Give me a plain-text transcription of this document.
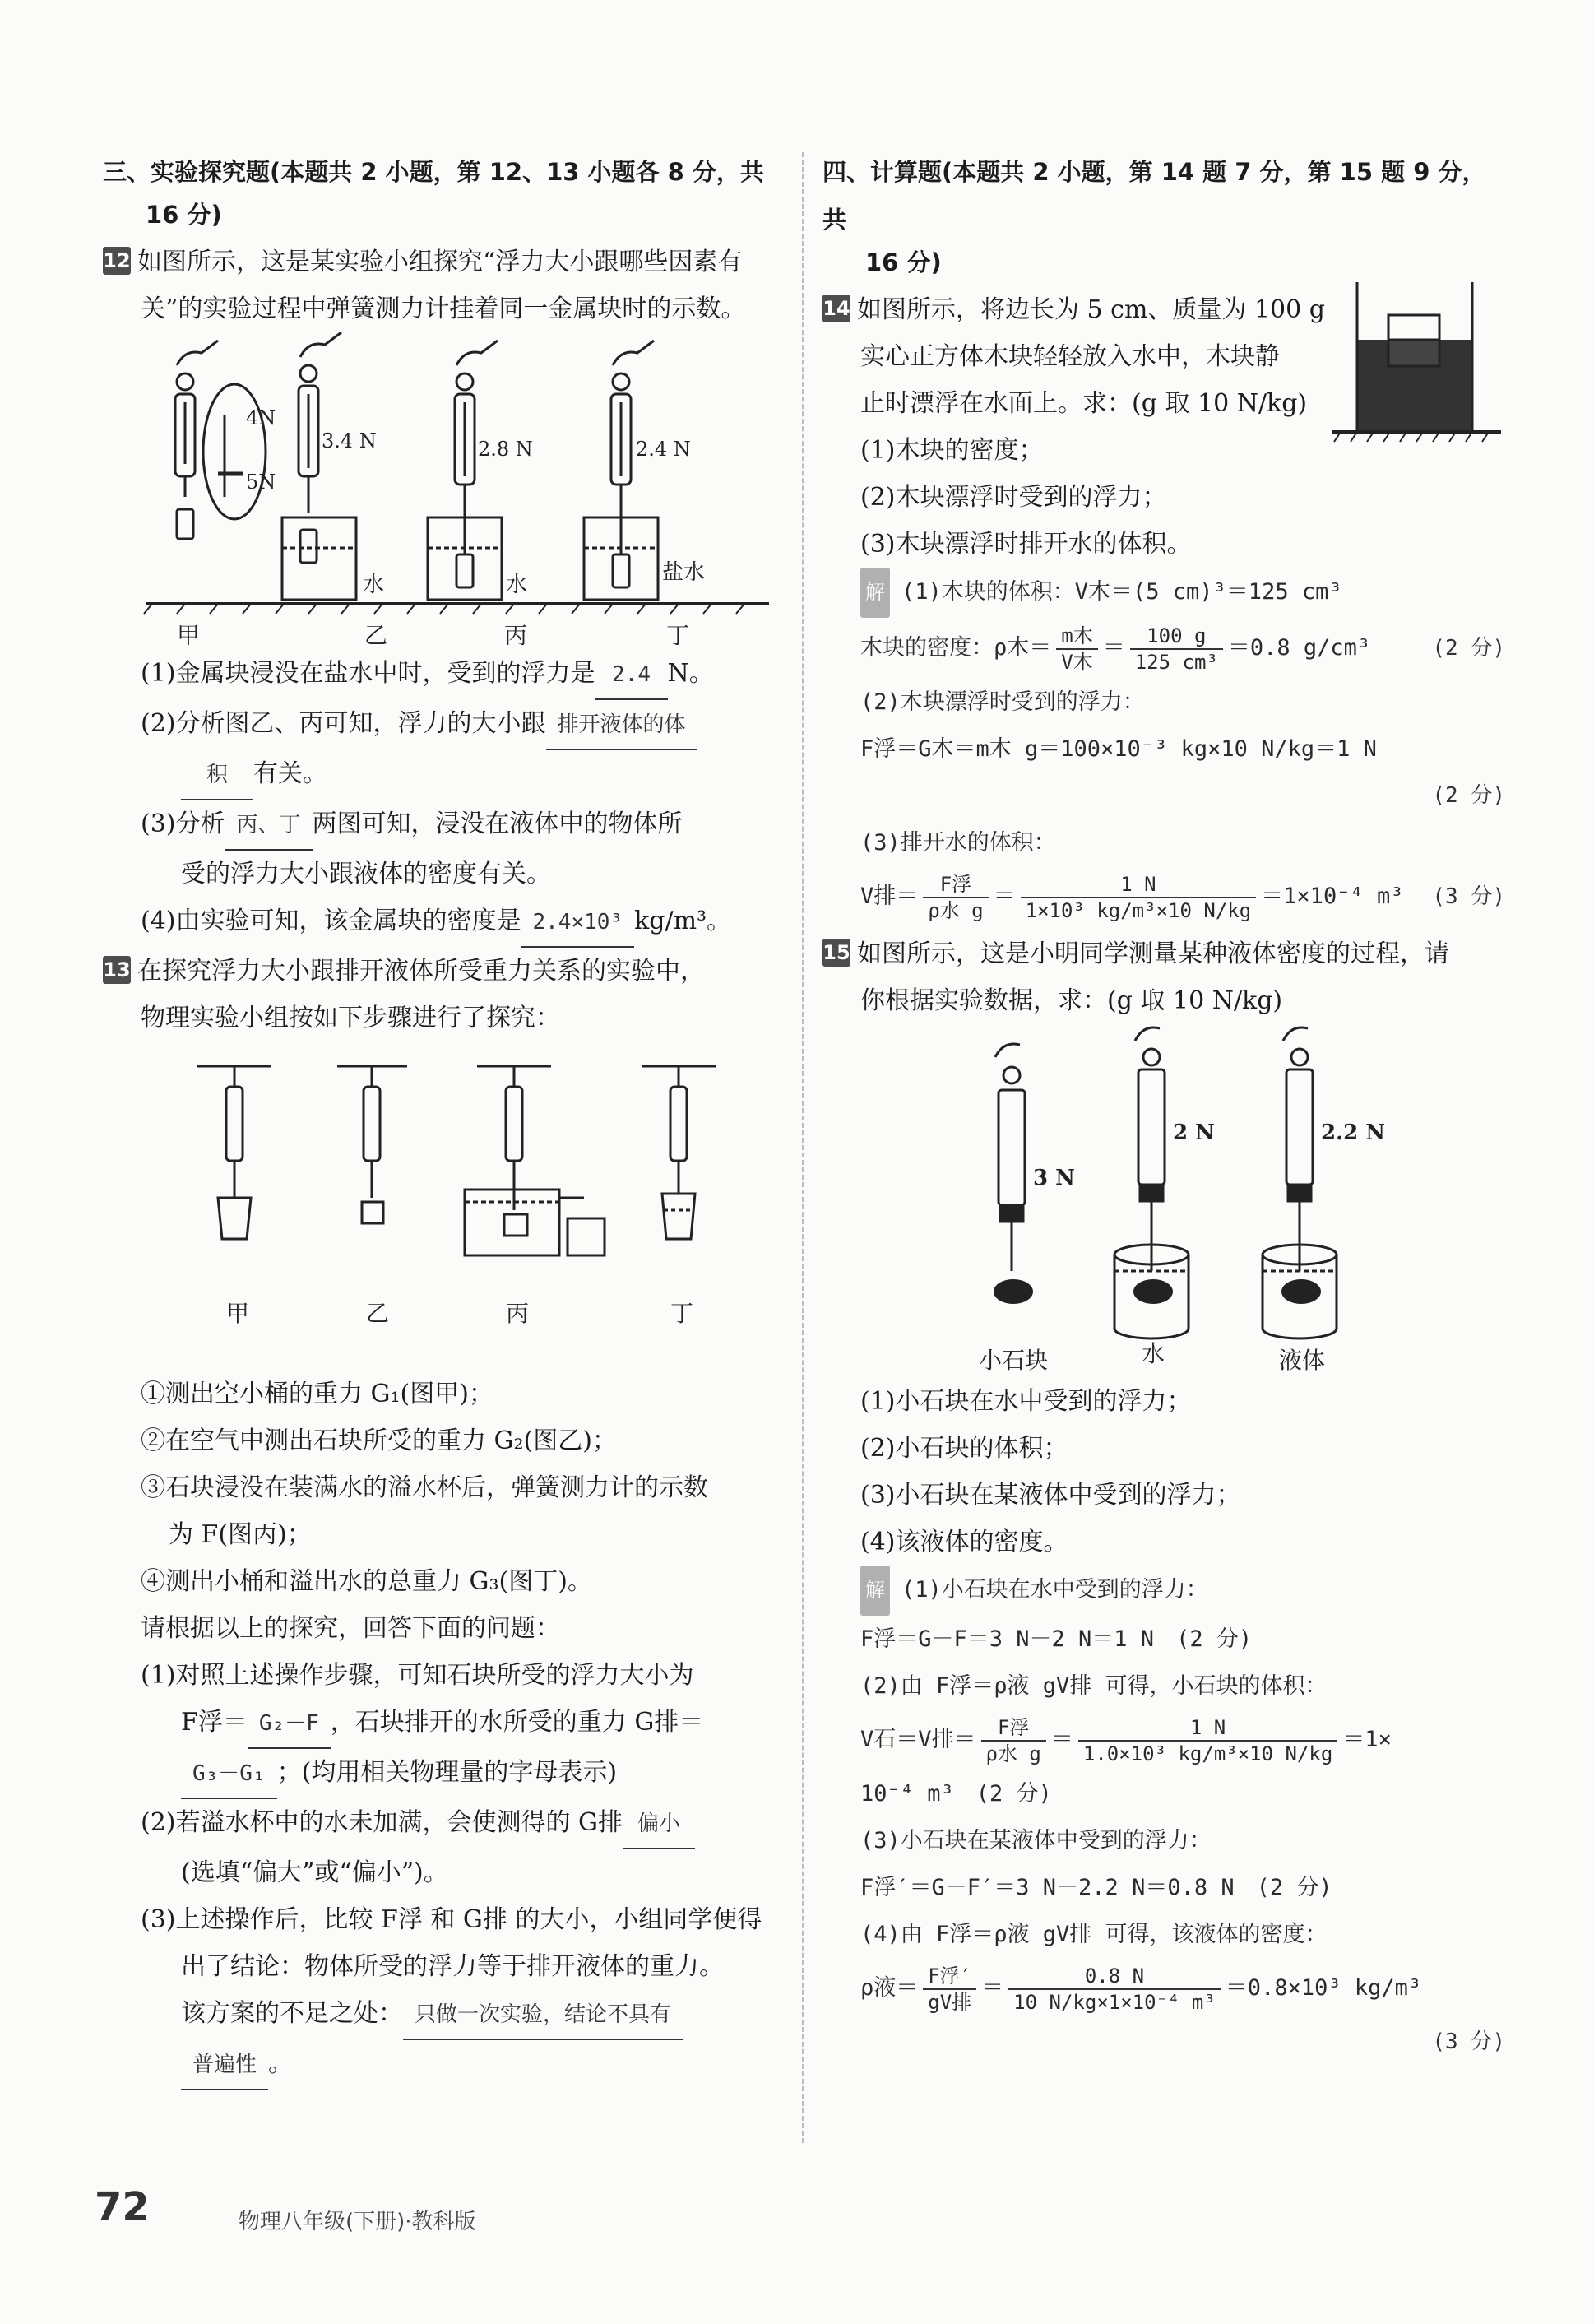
三、实验探究题(本题共 2 小题，第 12、13 小题各 8 分，共
16 分)
12 如图所示，这是某实验小组探究“浮力大小跟哪些因素有
关”的实验过程中弹簧测力计挂着同一金属块时的示数。
4N
5N
3.4 N
水
2.8 N
水
2.4 N
盐水
甲	乙	丙	丁
(1)金属块浸没在盐水中时，受到的浮力是 2.4 N。
(2)分析图乙、丙可知，浮力的大小跟 排开液体的体
积 有关。
(3)分析 丙、丁 两图可知，浸没在液体中的物体所
受的浮力大小跟液体的密度有关。
(4)由实验可知，该金属块的密度是 2.4×10³ kg/m³。
13 在探究浮力大小跟排开液体所受重力关系的实验中，
物理实验小组按如下步骤进行了探究：
甲	乙	丙	丁
①测出空小桶的重力 G₁(图甲)；
②在空气中测出石块所受的重力 G₂(图乙)；
③石块浸没在装满水的溢水杯后，弹簧测力计的示数
为 F(图丙)；
④测出小桶和溢出水的总重力 G₃(图丁)。
请根据以上的探究，回答下面的问题：
(1)对照上述操作步骤，可知石块所受的浮力大小为
F浮＝ G₂－F ，石块排开的水所受的重力 G排＝
G₃－G₁ ；(均用相关物理量的字母表示)
(2)若溢水杯中的水未加满，会使测得的 G排 偏小
(选填“偏大”或“偏小”)。
(3)上述操作后，比较 F浮 和 G排 的大小，小组同学便得
出了结论：物体所受的浮力等于排开液体的重力。
该方案的不足之处： 只做一次实验，结论不具有
普遍性 。
四、计算题(本题共 2 小题，第 14 题 7 分，第 15 题 9 分，共
16 分)
14 如图所示，将边长为 5 cm、质量为 100 g
实心正方体木块轻轻放入水中，木块静
止时漂浮在水面上。求：(g 取 10 N/kg)
(1)木块的密度；
(2)木块漂浮时受到的浮力；
(3)木块漂浮时排开水的体积。
解 (1)木块的体积：V木＝(5 cm)³＝125 cm³
木块的密度：ρ木＝ $\frac{\text{m木}}{\text{V木}} = \frac{100 g}{\text{125 cm³}} =0.8$ g/cm³	(2 分)
(2)木块漂浮时受到的浮力：
F浮＝G木＝m木 g＝100×10⁻³ kg×10 N/kg＝1 N
(2 分)
(3)排开水的体积：
V排＝ $\frac{\text{F浮}}{\text{ρ水 g}} = \frac{1 N}{\text{1×10³ kg/m³×10 N/kg}} =1\times 10^{-4}$ m³ (3 分)
15 如图所示，这是小明同学测量某种液体密度的过程，请
你根据实验数据，求：(g 取 10 N/kg)
3 N
2 N	2.2 N
小石块	水	液体
(1)小石块在水中受到的浮力；
(2)小石块的体积；
(3)小石块在某液体中受到的浮力；
(4)该液体的密度。
解 (1)小石块在水中受到的浮力：
F浮＝G－F＝3 N－2 N＝1 N　(2 分)
(2)由 F浮＝ρ液 gV排 可得，小石块的体积：
V石＝V排＝ $\frac{\text{F浮}}{\text{ρ水 g}} = \frac{1 N}{\text{1.0×10³ kg/m³×10 N/kg}} =1\times$
10⁻⁴ m³　(2 分)
(3)小石块在某液体中受到的浮力：
F浮′＝G－F′＝3 N－2.2 N＝0.8 N　(2 分)
(4)由 F浮＝ρ液 gV排 可得，该液体的密度：
ρ液＝ $\frac{\text{F浮′}}{\text{gV排}} = \frac{0.8 N}{\text{10 N/kg×1×10⁻⁴ m³}} =0.8\times 10^3$ kg/m³
(3 分)
72	物理八年级(下册)·教科版
